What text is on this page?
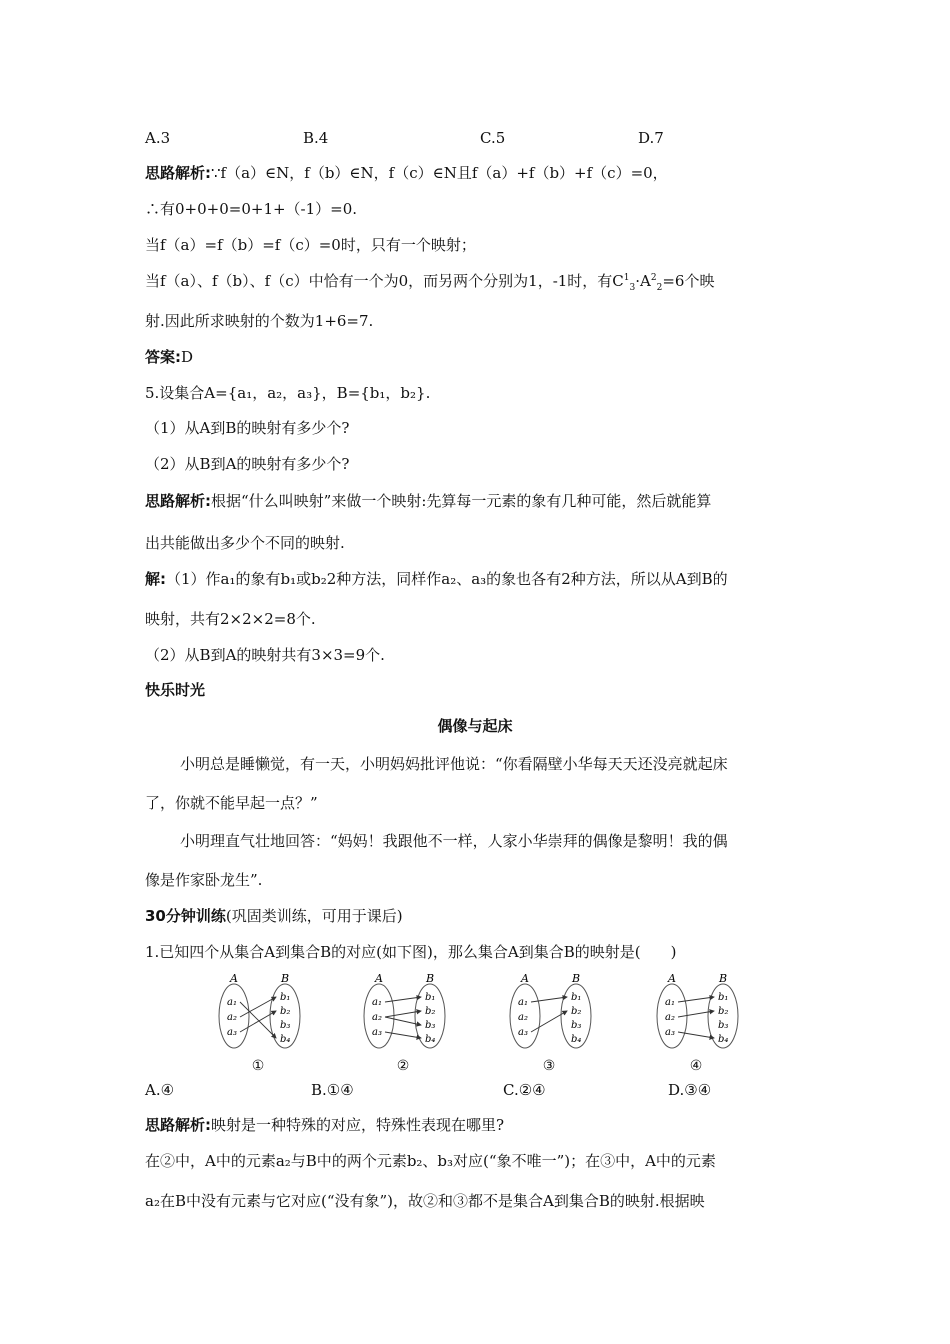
A.3	B.4	C.5	D.7
思路解析:∵f（a）∈N，f（b）∈N，f（c）∈N且f（a）+f（b）+f（c）=0，
∴有0+0+0=0+1+（-1）=0.
当f（a）=f（b）=f（c）=0时，只有一个映射；
当f（a）、f（b）、f（c）中恰有一个为0，而另两个分别为1，-1时，有$C^1_3\cdot A^2_2=6$个映
射.因此所求映射的个数为1+6=7.
答案:D
5.设集合A={a₁，a₂，a₃}，B={b₁，b₂}.
（1）从A到B的映射有多少个?
（2）从B到A的映射有多少个?
思路解析:根据“什么叫映射”来做一个映射:先算每一元素的象有几种可能，然后就能算
出共能做出多少个不同的映射.
解:（1）作a₁的象有b₁或b₂2种方法，同样作a₂、a₃的象也各有2种方法，所以从A到B的
映射，共有2×2×2=8个.
（2）从B到A的映射共有3×3=9个.
快乐时光
偶像与起床
小明总是睡懒觉，有一天，小明妈妈批评他说：“你看隔壁小华每天天还没亮就起床
了，你就不能早起一点？”
小明理直气壮地回答：“妈妈！我跟他不一样，人家小华崇拜的偶像是黎明！我的偶
像是作家卧龙生”.
30分钟训练(巩固类训练，可用于课后)
1.已知四个从集合A到集合B的对应(如下图)，那么集合A到集合B的映射是(　　)
A	B
a₁
a₂
a₃
b₁
b₂
b₃
b₄
A	B
a₁
a₂
a₃
b₁
b₂
b₃
b₄
A	B
a₁
a₂
a₃
b₁
b₂
b₃
b₄
A	B
a₁
a₂
a₃
b₁
b₂
b₃
b₄
①	②	③	④
A.④	B.①④	C.②④	D.③④
思路解析:映射是一种特殊的对应，特殊性表现在哪里?
在②中，A中的元素a₂与B中的两个元素b₂、b₃对应(“象不唯一”)；在③中，A中的元素
a₂在B中没有元素与它对应(“没有象”)，故②和③都不是集合A到集合B的映射.根据映
